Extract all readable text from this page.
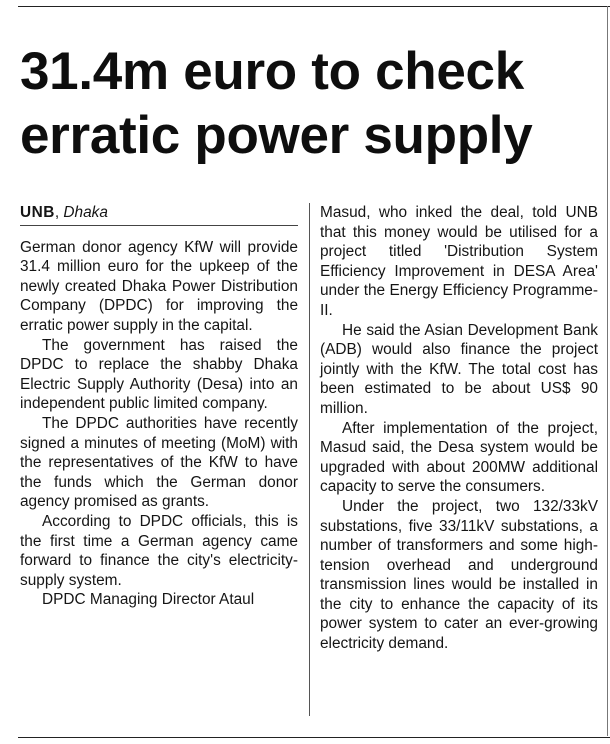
31.4m euro to check
erratic power supply
UNB, Dhaka

German donor agency KfW will provide 31.4 million euro for the upkeep of the newly created Dhaka Power Distribution Company (DPDC) for improving the erratic power supply in the capital.

The government has raised the DPDC to replace the shabby Dhaka Electric Supply Authority (Desa) into an independent public limited company.

The DPDC authorities have recently signed a minutes of meeting (MoM) with the representatives of the KfW to have the funds which the German donor agency promised as grants.

According to DPDC officials, this is the first time a German agency came forward to finance the city's electricity- supply system.

DPDC Managing Director Ataul

Masud, who inked the deal, told UNB that this money would be utilised for a project titled 'Distribution System Efficiency Improvement in DESA Area' under the Energy Efficiency Programme-II.

He said the Asian Development Bank (ADB) would also finance the project jointly with the KfW. The total cost has been estimated to be about US$ 90 million.

After implementation of the project, Masud said, the Desa system would be upgraded with about 200MW additional capacity to serve the consumers.

Under the project, two 132/33kV substations, five 33/11kV substations, a number of transformers and some high-tension overhead and underground transmission lines would be installed in the city to enhance the capacity of its power system to cater an ever-growing electricity demand.
